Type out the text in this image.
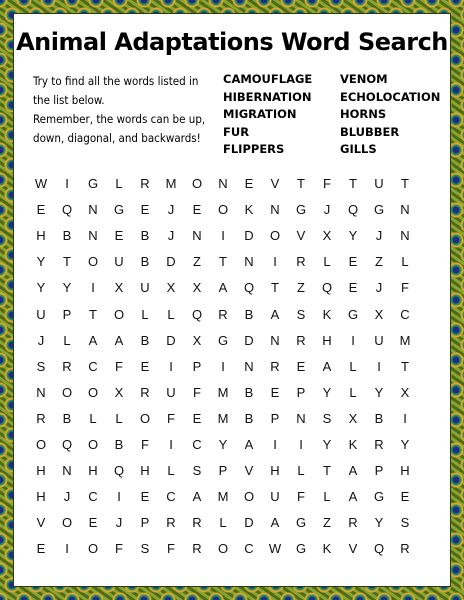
Animal Adaptations Word Search
Try to find all the words listed in
the list below.
Remember, the words can be up,
down, diagonal, and backwards!
CAMOUFLAGE
HIBERNATION
MIGRATION
FUR
FLIPPERS
VENOM
ECHOLOCATION
HORNS
BLUBBER
GILLS
W	I	G	L	R	M	O	N	E	V	T	F	T	U	T
E	Q	N	G	E	J	E	O	K	N	G	J	Q	G	N
H	B	N	E	B	J	N	I	D	O	V	X	Y	J	N
Y	T	O	U	B	D	Z	T	N	I	R	L	E	Z	L
Y	Y	I	X	U	X	X	A	Q	T	Z	Q	E	J	F
U	P	T	O	L	L	Q	R	B	A	S	K	G	X	C
J	L	A	A	B	D	X	G	D	N	R	H	I	U	M
S	R	C	F	E	I	P	I	N	R	E	A	L	I	T
N	O	O	X	R	U	F	M	B	E	P	Y	L	Y	X
R	B	L	L	O	F	E	M	B	P	N	S	X	B	I
O	Q	O	B	F	I	C	Y	A	I	I	Y	K	R	Y
H	N	H	Q	H	L	S	P	V	H	L	T	A	P	H
H	J	C	I	E	C	A	M	O	U	F	L	A	G	E
V	O	E	J	P	R	R	L	D	A	G	Z	R	Y	S
E	I	O	F	S	F	R	O	C	W	G	K	V	Q	R
